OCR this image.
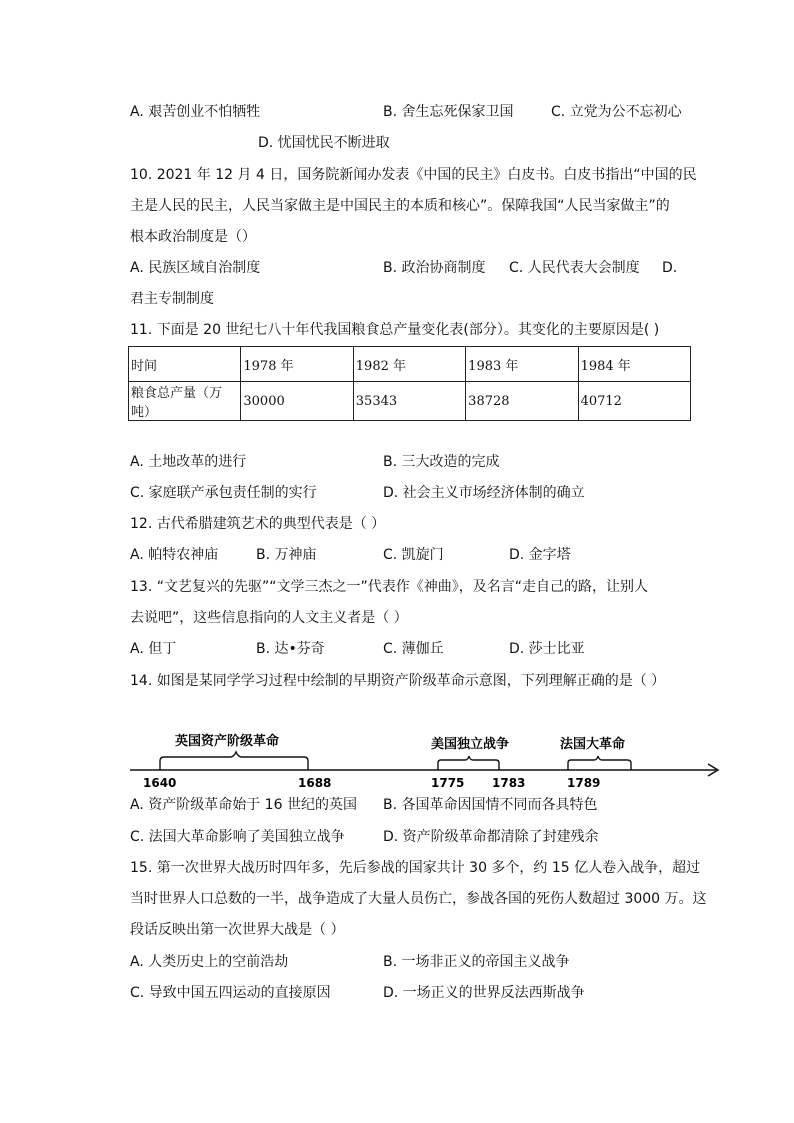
A. 艰苦创业不怕牺牲	B. 舍生忘死保家卫国	C. 立党为公不忘初心
D. 忧国忧民不断进取
10. 2021 年 12 月 4 日，国务院新闻办发表《中国的民主》白皮书。白皮书指出“中国的民
主是人民的民主，人民当家做主是中国民主的本质和核心”。保障我国“人民当家做主”的
根本政治制度是（）
A. 民族区域自治制度	B. 政治协商制度 C. 人民代表大会制度 D.
君主专制制度
11. 下面是 20 世纪七八十年代我国粮食总产量变化表(部分）。其变化的主要原因是( )
时间	1978 年	1982 年	1983 年	1984 年
粮食总产量（万吨）	30000	35343	38728	40712
A. 土地改革的进行	B. 三大改造的完成
C. 家庭联产承包责任制的实行	D. 社会主义市场经济体制的确立
12. 古代希腊建筑艺术的典型代表是（ ）
A. 帕特农神庙	B. 万神庙	C. 凯旋门	D. 金字塔
13. “文艺复兴的先驱”“文学三杰之一”代表作《神曲》，及名言“走自己的路，让别人
去说吧”，这些信息指向的人文主义者是（ ）
A. 但丁	B. 达•芬奇	C. 薄伽丘	D. 莎士比亚
14. 如图是某同学学习过程中绘制的早期资产阶级革命示意图，下列理解正确的是（ ）
英国资产阶级革命	美国独立战争	法国大革命
1640	1688	1775 1783	1789
A. 资产阶级革命始于 16 世纪的英国 B. 各国革命因国情不同而各具特色
C. 法国大革命影响了美国独立战争	D. 资产阶级革命都清除了封建残余
15. 第一次世界大战历时四年多，先后参战的国家共计 30 多个，约 15 亿人卷入战争，超过
当时世界人口总数的一半，战争造成了大量人员伤亡，参战各国的死伤人数超过 3000 万。这
段话反映出第一次世界大战是（ ）
A. 人类历史上的空前浩劫	B. 一场非正义的帝国主义战争
C. 导致中国五四运动的直接原因	D. 一场正义的世界反法西斯战争
